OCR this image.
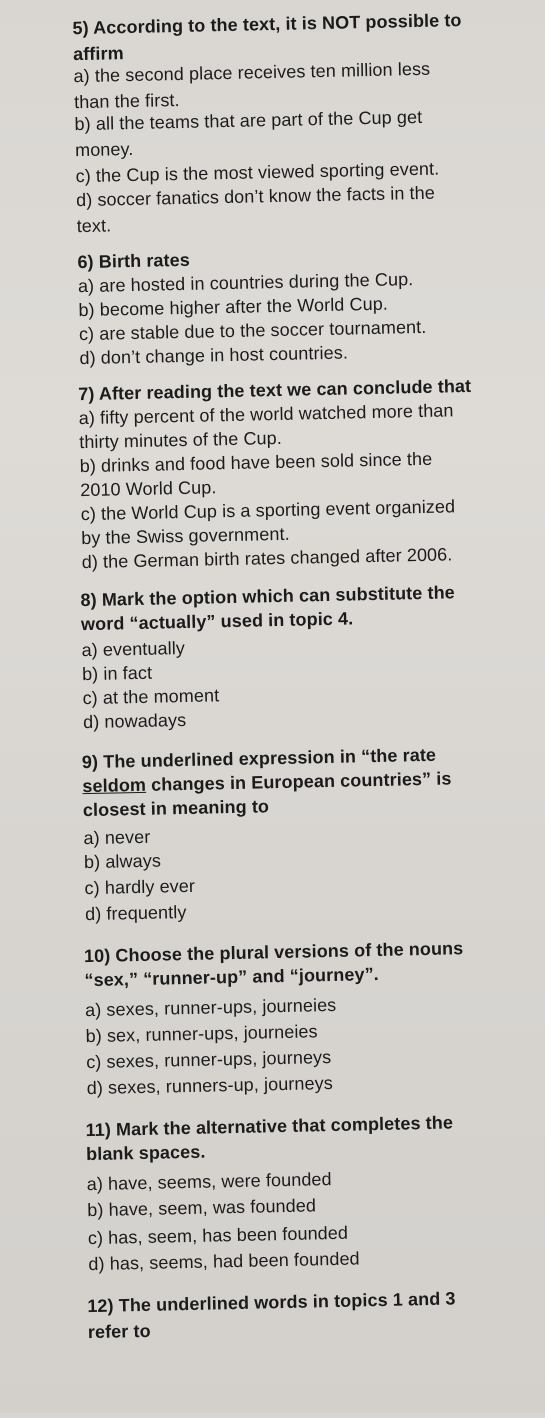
5) According to the text, it is NOT possible to
affirm
a) the second place receives ten million less
than the first.
b) all the teams that are part of the Cup get
money.
c) the Cup is the most viewed sporting event.
d) soccer fanatics don’t know the facts in the
text.
6) Birth rates
a) are hosted in countries during the Cup.
b) become higher after the World Cup.
c) are stable due to the soccer tournament.
d) don’t change in host countries.
7) After reading the text we can conclude that
a) fifty percent of the world watched more than
thirty minutes of the Cup.
b) drinks and food have been sold since the
2010 World Cup.
c) the World Cup is a sporting event organized
by the Swiss government.
d) the German birth rates changed after 2006.
8) Mark the option which can substitute the
word “actually” used in topic 4.
a) eventually
b) in fact
c) at the moment
d) nowadays
9) The underlined expression in “the rate
seldom changes in European countries” is
closest in meaning to
a) never
b) always
c) hardly ever
d) frequently
10) Choose the plural versions of the nouns
“sex,” “runner-up” and “journey”.
a) sexes, runner-ups, journeies
b) sex, runner-ups, journeies
c) sexes, runner-ups, journeys
d) sexes, runners-up, journeys
11) Mark the alternative that completes the
blank spaces.
a) have, seems, were founded
b) have, seem, was founded
c) has, seem, has been founded
d) has, seems, had been founded
12) The underlined words in topics 1 and 3
refer to
